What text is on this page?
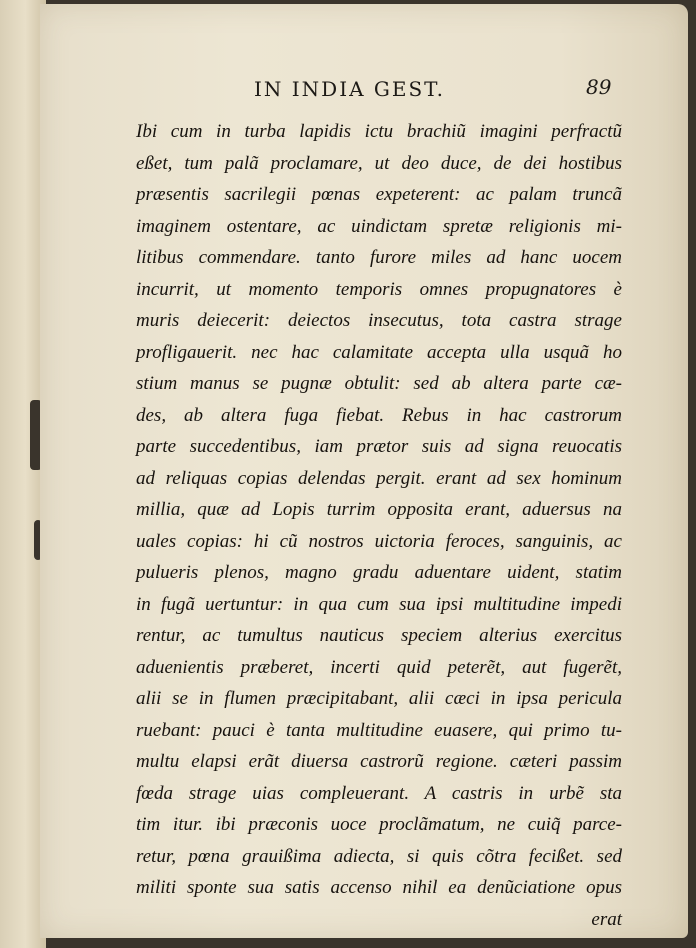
IN INDIA GEST.	89
Ibi cum in turba lapidis ictu brachiũ imagini perfractũ
eßet, tum palã proclamare, ut deo duce, de dei hostibus
præsentis sacrilegii pœnas expeterent: ac palam truncã
imaginem ostentare, ac uindictam spretæ religionis mi-
litibus commendare. tanto furore miles ad hanc uocem
incurrit, ut momento temporis omnes propugnatores è
muris deiecerit: deiectos insecutus, tota castra strage
profligauerit. nec hac calamitate accepta ulla usquã ho
stium manus se pugnæ obtulit: sed ab altera parte cæ-
des, ab altera fuga fiebat. Rebus in hac castrorum
parte succedentibus, iam prætor suis ad signa reuocatis
ad reliquas copias delendas pergit. erant ad sex hominum
millia, quæ ad Lopis turrim opposita erant, aduersus na
uales copias: hi cũ nostros uictoria feroces, sanguinis, ac
pulueris plenos, magno gradu aduentare uident, statim
in fugã uertuntur: in qua cum sua ipsi multitudine impedi
rentur, ac tumultus nauticus speciem alterius exercitus
aduenientis præberet, incerti quid peterẽt, aut fugerẽt,
alii se in flumen præcipitabant, alii cæci in ipsa pericula
ruebant: pauci è tanta multitudine euasere, qui primo tu-
multu elapsi erãt diuersa castrorũ regione. cæteri passim
fœda strage uias compleuerant. A castris in urbẽ sta
tim itur. ibi præconis uoce proclãmatum, ne cuiq̃ parce-
retur, pœna grauißima adiecta, si quis cõtra fecißet. sed
militi sponte sua satis accenso nihil ea denũciatione opus
erat
